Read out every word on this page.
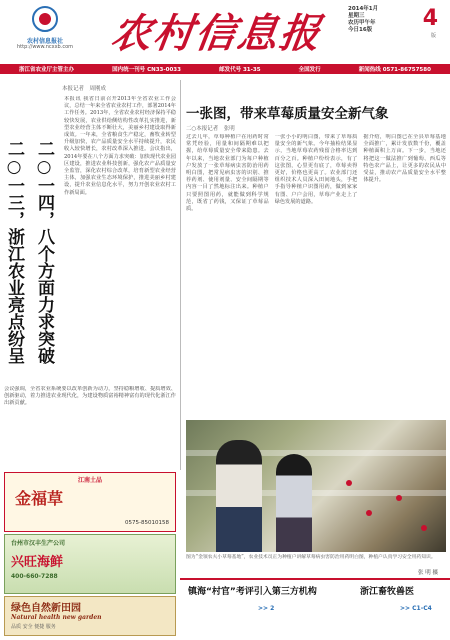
农村信息报社
http://www.ncxxb.com 农村信息报
2014年1月
星期三
农历甲午年
今日16版	4
版
浙江省农业厅主管主办	国内统一刊号 CN33-0033	邮发代号 31-35	全国发行	新闻热线 0571-86757580
本报记者　周刚成
二○一四，八个方面力求突破
二○一三，浙江农业亮点纷呈
本报讯 我省日前召开2013年全省农业工作会议，总结一年来全省农业农村工作，部署2014年工作任务。2013年，全省农业农村经济保持平稳较快发展，农业供给侧结构性改革扎实推进，新型农业经营主体不断壮大，美丽乡村建设取得新成效。一年来，全省粮食生产稳定，畜牧业转型升级加快，农产品质量安全水平持续提升，农民收入较快增长，农村改革深入推进。会议指出，2014年要在八个方面力求突破：加快现代农业园区建设，推进农业科技创新，强化农产品质量安全监管，深化农村综合改革，培育新型农业经营主体，加强农业生态环境保护，推进美丽乡村建设，提升农业信息化水平，努力开创农业农村工作新局面。
会议强调，全省农业系统要以改革创新为动力，坚持稳粮增收、提质增效、创新驱动，着力推进农业现代化，为建设物质富裕精神富有的现代化浙江作出新贡献。
一张图，带来草莓质量安全新气象
二○本报记者　张明

过去几年，草莓种植户在用药时常常凭经验，用量和间隔期难以把握，给草莓质量安全带来隐患。去年以来，当地农业部门为每户种植户发放了一张草莓病虫害防治用药明白图，把常见病虫害的识别、推荐药剂、使用剂量、安全间隔期等内容一目了然地标注出来。种植户只要照图用药，就能做到科学规范，既省了药钱，又保证了草莓品质。

一张小小的明白图，带来了草莓质量安全的新气象。今年抽检结果显示，当地草莓农药残留合格率达到百分之百。种植户纷纷表示，有了这张图，心里更有底了，草莓卖得更好，价格也更高了。农业部门还组织技术人员深入田间地头，手把手指导种植户识图用药，做到家家有图、户户会用，草莓产业走上了绿色发展的道路。

据介绍，明白图已在全县草莓基地全面推广，累计发放数千份，覆盖种植面积上万亩。下一步，当地还将把这一做法推广到葡萄、西瓜等特色农产品上，让更多的农民从中受益，推动农产品质量安全水平整体提升。

图为“金领农夫小草莓基地”，农业技术员正为种植户讲解草莓病虫害防治用药明白图，种植户认真学习安全用药知识。
张 明 摄
江南土品
金福草
0575-85010158
台州市汉丰生产公司
兴旺海鲜
400-660-7288
绿色自然新田园
Natural health new garden
品质 安全 便捷 服务
镇海“村官”考评引入第三方机构
>> 2
浙江畜牧兽医
>> C1-C4
